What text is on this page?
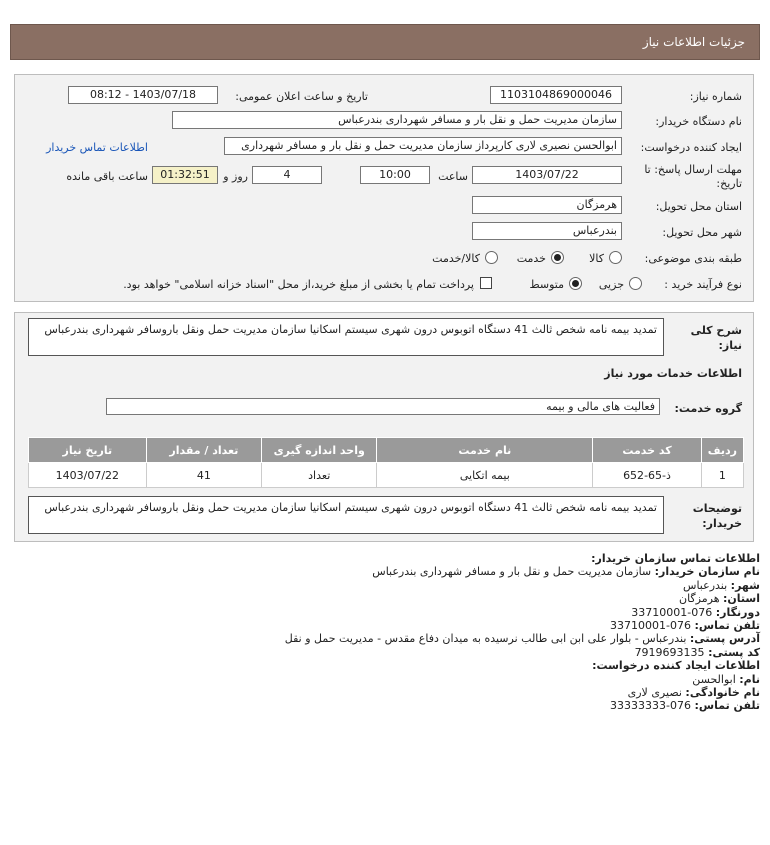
جزئیات اطلاعات نیاز
شماره نیاز:
1103104869000046
تاریخ و ساعت اعلان عمومی:
1403/07/18 - 08:12
نام دستگاه خریدار:
سازمان مدیریت حمل و نقل بار و مسافر شهرداری بندرعباس
ایجاد کننده درخواست:
ابوالحسن نصیری لاری کارپرداز سازمان مدیریت حمل و نقل بار و مسافر شهرداری
اطلاعات تماس خریدار
مهلت ارسال پاسخ: تا
تاریخ:
1403/07/22
ساعت
10:00
4
روز و
01:32:51
ساعت باقی مانده
استان محل تحویل:
هرمزگان
شهر محل تحویل:
بندرعباس
طبقه بندی موضوعی:
کالا
خدمت
کالا/خدمت
نوع فرآیند خرید :
جزیی
متوسط
پرداخت تمام یا بخشی از مبلغ خرید،از محل "اسناد خزانه اسلامی" خواهد بود.
شرح کلی
نیاز:
تمدید بیمه نامه شخص ثالث 41 دستگاه اتوبوس درون شهری سیستم اسکانیا سازمان مدیریت حمل ونقل باروسافر شهرداری بندرعباس
اطلاعات خدمات مورد نیاز
گروه خدمت:
فعالیت های مالی و بیمه
ردیف	کد خدمت	نام خدمت	واحد اندازه گیری	تعداد / مقدار	تاریخ نیاز
1	ذ-65-652	بیمه اتکایی	تعداد	41	1403/07/22
توضیحات
خریدار:
تمدید بیمه نامه شخص ثالث 41 دستگاه اتوبوس درون شهری سیستم اسکانیا سازمان مدیریت حمل ونقل باروسافر شهرداری بندرعباس
اطلاعات تماس سازمان خریدار:
نام سازمان خریدار: سازمان مدیریت حمل و نقل بار و مسافر شهرداری بندرعباس
شهر: بندرعباس
استان: هرمزگان
دورنگار: 076-33710001
تلفن تماس: 076-33710001
آدرس پستی: بندرعباس - بلوار علی ابن ابی طالب نرسیده به میدان دفاع مقدس - مدیریت حمل و نقل
کد پستی: 7919693135
اطلاعات ایجاد کننده درخواست:
نام: ابوالحسن
نام خانوادگی: نصیری لاری
تلفن تماس: 076-33333333
